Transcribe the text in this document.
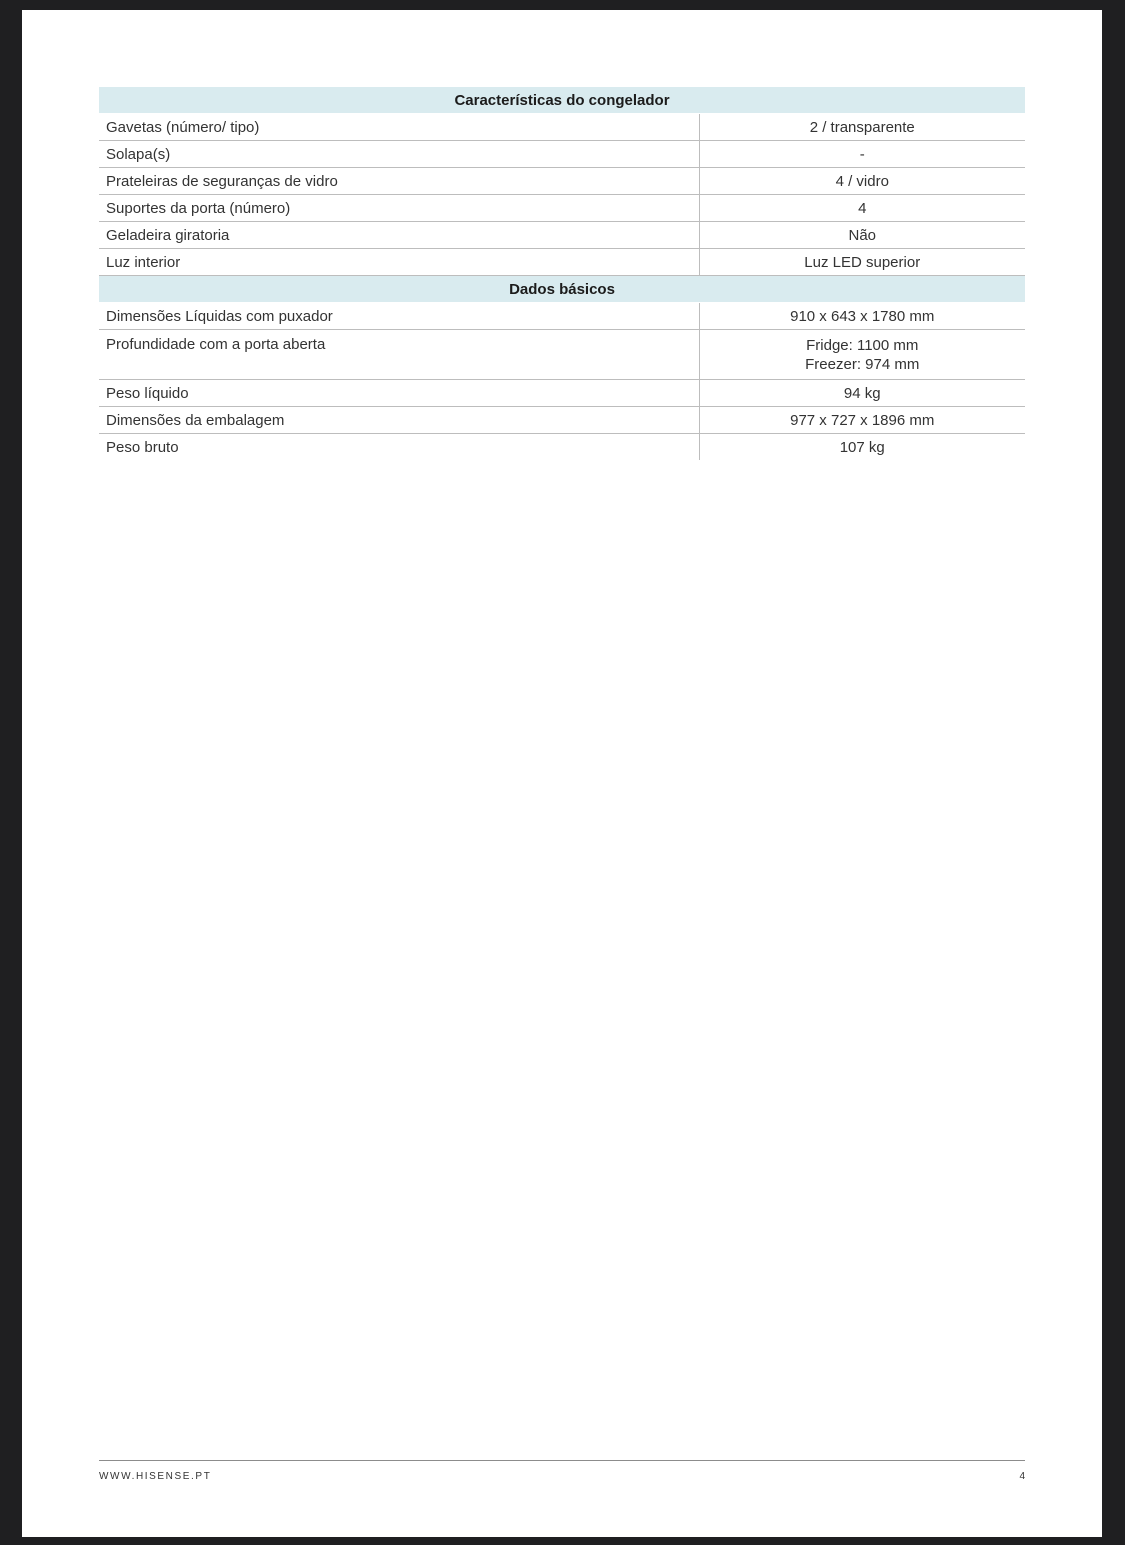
Características do congelador	
Gavetas (número/ tipo)	2 / transparente
Solapa(s)	-
Prateleiras de seguranças de vidro	4 / vidro
Suportes da porta (número)	4
Geladeira giratoria	Não
Luz interior	Luz LED superior
Dados básicos	
Dimensões Líquidas com puxador	910 x 643 x 1780 mm
Profundidade com a porta aberta	Fridge: 1100 mm
Freezer: 974 mm

Peso líquido	94 kg
Dimensões da embalagem	977 x 727 x 1896 mm
Peso bruto	107 kg
WWW.HISENSE.PT	4
